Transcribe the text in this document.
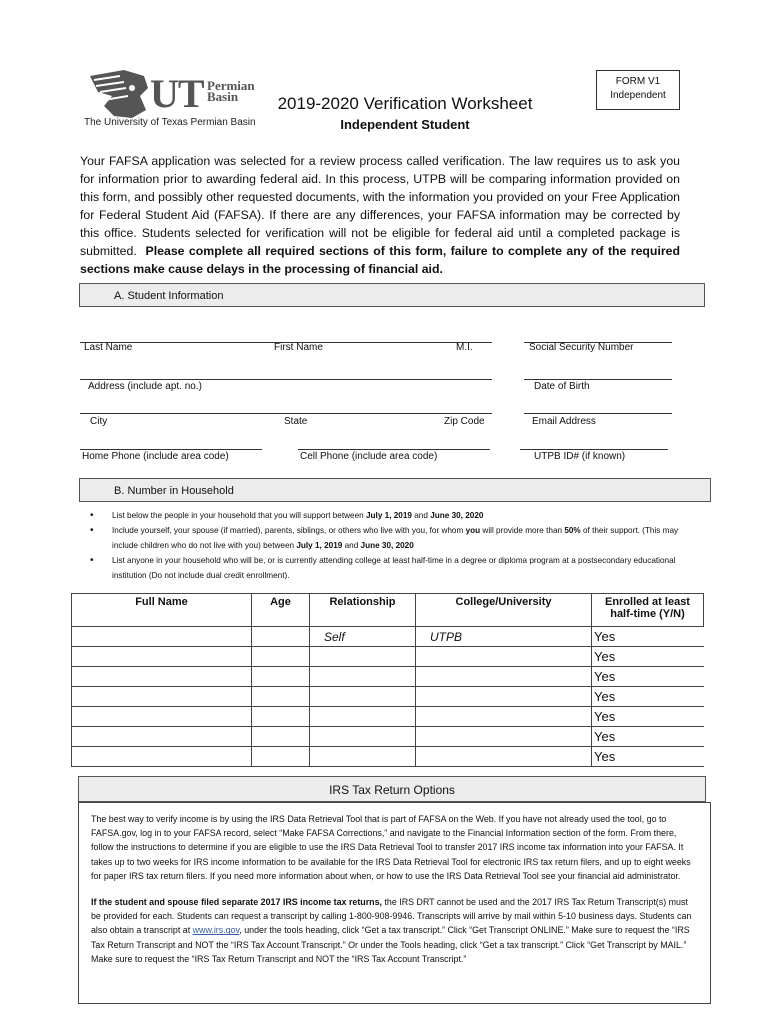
UT Permian
Basin
The University of Texas Permian Basin
FORM V1
Independent
2019-2020 Verification Worksheet
Independent Student
Your FAFSA application was selected for a review process called verification. The law requires us to ask you for information prior to awarding federal aid. In this process, UTPB will be comparing information provided on this form, and possibly other requested documents, with the information you provided on your Free Application for Federal Student Aid (FAFSA). If there are any differences, your FAFSA information may be corrected by this office. Students selected for verification will not be eligible for federal aid until a completed package is submitted. Please complete all required sections of this form, failure to complete any of the required sections make cause delays in the processing of financial aid.
A. Student Information
Last Name	First Name	M.I.	Social Security Number
Address (include apt. no.)	Date of Birth
City	State	Zip Code	Email Address
Home Phone (include area code)	Cell Phone (include area code)	UTPB ID# (if known)
B. Number in Household
• List below the people in your household that you will support between July 1, 2019 and June 30, 2020
• Include yourself, your spouse (if married), parents, siblings, or others who live with you, for whom you will provide more than 50% of their support. (This may include children who do not live with you) between July 1, 2019 and June 30, 2020
• List anyone in your household who will be, or is currently attending college at least half-time in a degree or diploma program at a postsecondary educational institution (Do not include dual credit enrollment).
Full Name	Age	Relationship	College/University	Enrolled at least half-time (Y/N)
		Self	UTPB	Yes
				Yes
				Yes
				Yes
				Yes
				Yes
				Yes
IRS Tax Return Options

The best way to verify income is by using the IRS Data Retrieval Tool that is part of FAFSA on the Web. If you have not already used the tool, go to FAFSA.gov, log in to your FAFSA record, select “Make FAFSA Corrections,” and navigate to the Financial Information section of the form. From there, follow the instructions to determine if you are eligible to use the IRS Data Retrieval Tool to transfer 2017 IRS income tax information into your FAFSA. It takes up to two weeks for IRS income information to be available for the IRS Data Retrieval Tool for electronic IRS tax return filers, and up to eight weeks for paper IRS tax return filers. If you need more information about when, or how to use the IRS Data Retrieval Tool see your financial aid administrator.

If the student and spouse filed separate 2017 IRS income tax returns, the IRS DRT cannot be used and the 2017 IRS Tax Return Transcript(s) must be provided for each. Students can request a transcript by calling 1-800-908-9946. Transcripts will arrive by mail within 5-10 business days. Students can also obtain a transcript at www.irs.gov, under the tools heading, click “Get a tax transcript.” Click “Get Transcript ONLINE.” Make sure to request the “IRS Tax Return Transcript and NOT the “IRS Tax Account Transcript.” Or under the Tools heading, click “Get a tax transcript.” Click “Get Transcript by MAIL.” Make sure to request the “IRS Tax Return Transcript and NOT the “IRS Tax Account Transcript.”
